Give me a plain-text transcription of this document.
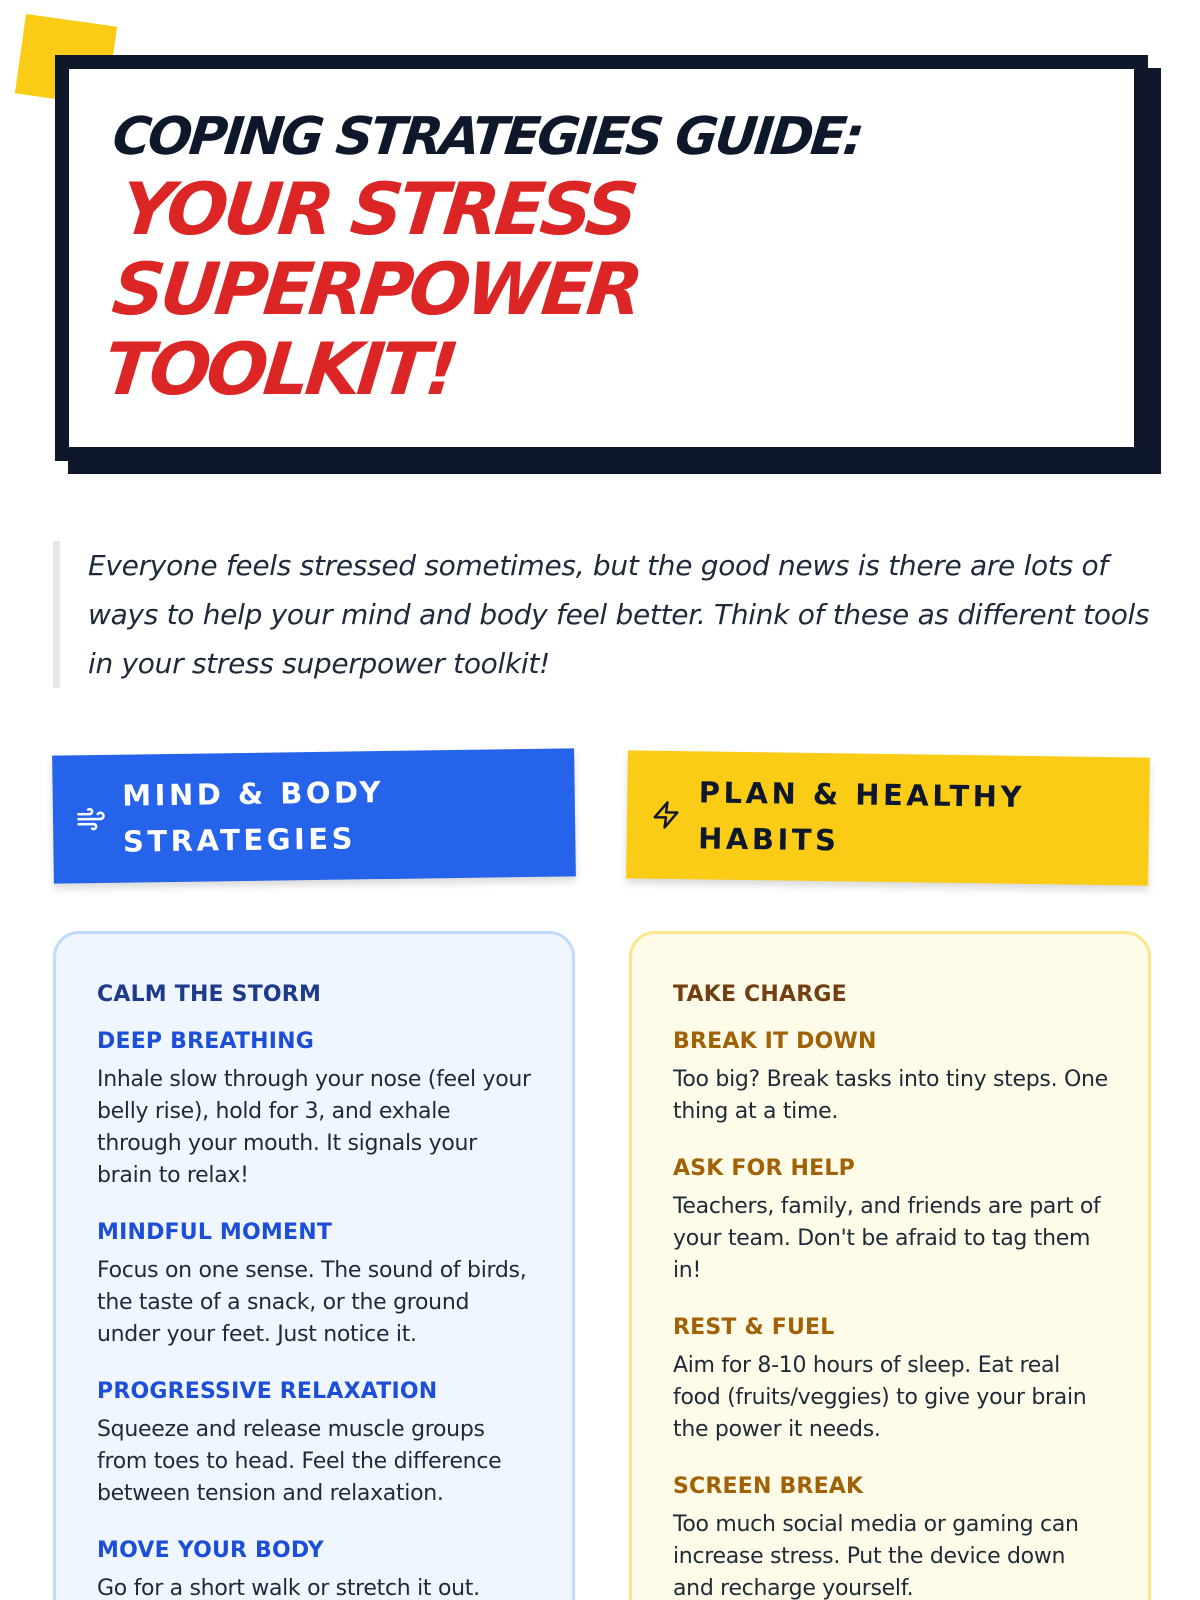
COPING STRATEGIES GUIDE:
YOUR STRESS SUPERPOWER TOOLKIT!
Everyone feels stressed sometimes, but the good news is there are lots of ways to help your mind and body feel better. Think of these as different tools in your stress superpower toolkit!
MIND & BODY STRATEGIES
PLAN & HEALTHY HABITS
CALM THE STORM
DEEP BREATHING
Inhale slow through your nose (feel your belly rise), hold for 3, and exhale through your mouth. It signals your brain to relax!
MINDFUL MOMENT
Focus on one sense. The sound of birds, the taste of a snack, or the ground under your feet. Just notice it.
PROGRESSIVE RELAXATION
Squeeze and release muscle groups from toes to head. Feel the difference between tension and relaxation.
MOVE YOUR BODY
Go for a short walk or stretch it out.
TAKE CHARGE
BREAK IT DOWN
Too big? Break tasks into tiny steps. One thing at a time.
ASK FOR HELP
Teachers, family, and friends are part of your team. Don't be afraid to tag them in!
REST & FUEL
Aim for 8-10 hours of sleep. Eat real food (fruits/veggies) to give your brain the power it needs.
SCREEN BREAK
Too much social media or gaming can increase stress. Put the device down and recharge yourself.
